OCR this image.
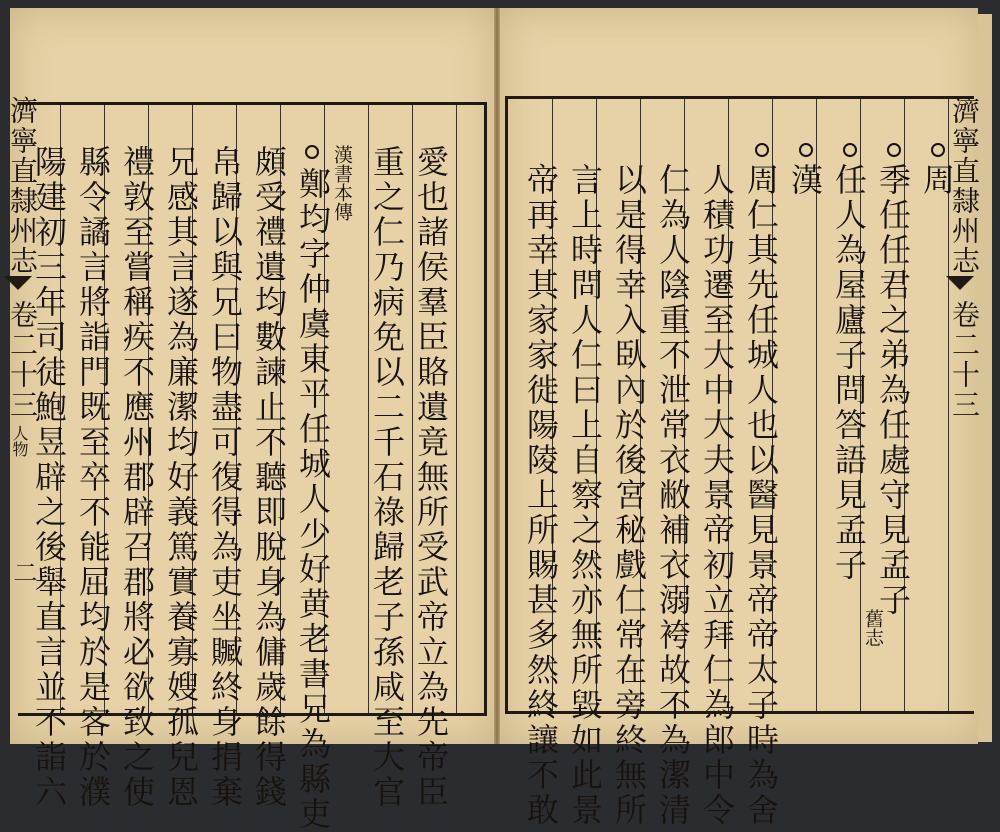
愛也諸侯羣臣賂遺竟無所受武帝立為先帝臣
重之仁乃病免以二千石祿歸老子孫咸至大官
漢書本傳
鄭均字仲虞東平任城人少好黄老書兄為縣吏
頗受禮遺均數諫止不聽即脫身為傭歲餘得錢
帛歸以與兄曰物盡可復得為吏坐贓終身捐棄
兄感其言遂為廉潔均好義篤實養寡嫂孤兒恩
禮敦至嘗稱疾不應州郡辟召郡將必欲致之使
縣令譎言將詣門既至卒不能屈均於是客於濮
陽建初三年司徒鮑昱辟之後舉直言並不詣六
濟寧直隸州志
卷二十三
人物
二
周
季任任君之弟為任處守見孟子
舊志
任人為屋廬子問答語見孟子
漢
周仁其先任城人也以醫見景帝帝太子時為舍
人積功遷至大中大夫景帝初立拜仁為郎中令
仁為人陰重不泄常衣敝補衣溺袴故不為潔清
以是得幸入臥內於後宮秘戲仁常在旁終無所
言上時問人仁曰上自察之然亦無所毀如此景
帝再幸其家家徙陽陵上所賜甚多然終讓不敢	濟寧直隸州志
卷二十三
